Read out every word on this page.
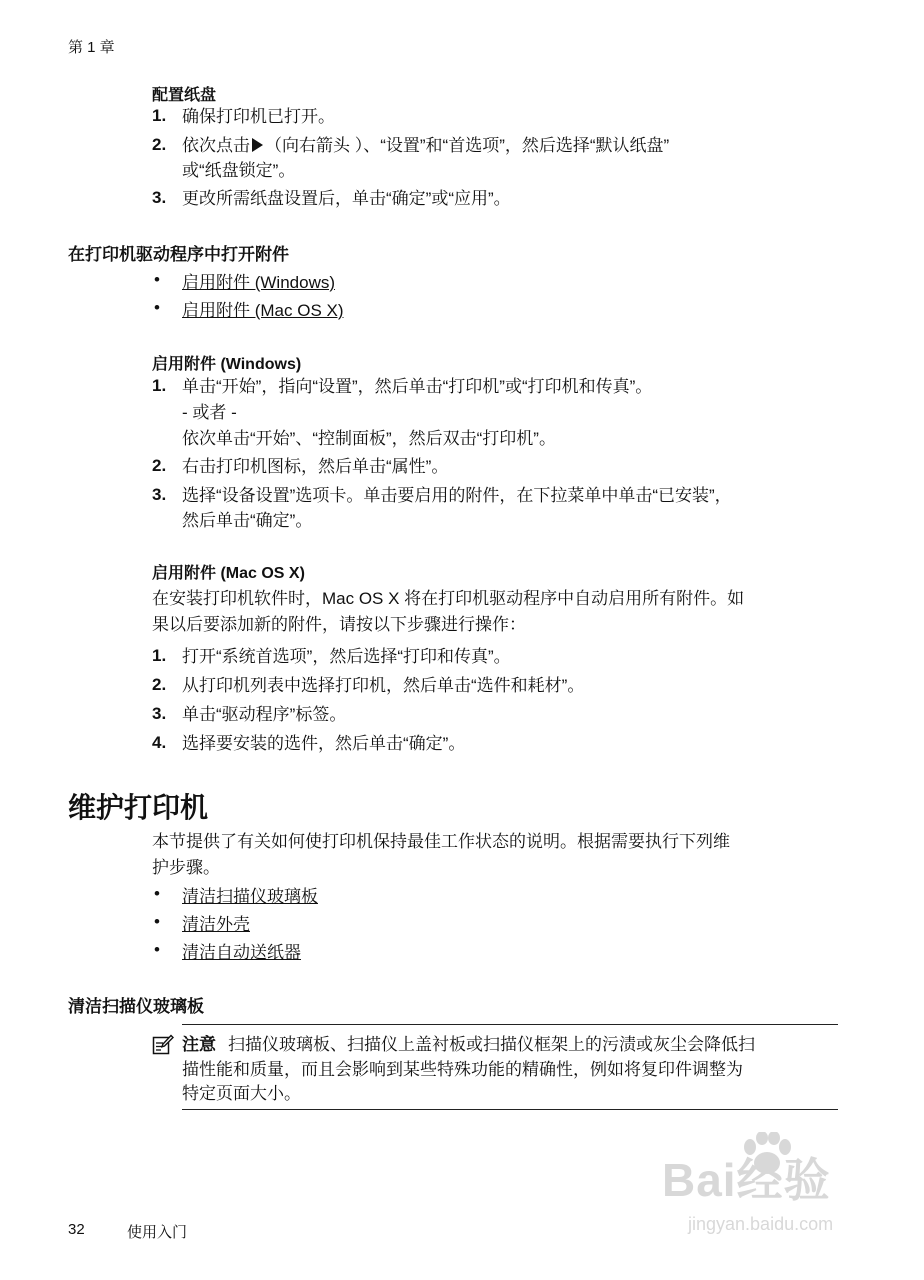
第 1 章
配置纸盘
1. 确保打印机已打开。
2. 依次点击 （向右箭头 ）、“设置”和“首选项”，然后选择“默认纸盘”
或“纸盘锁定”。
3. 更改所需纸盘设置后，单击“确定”或“应用”。
在打印机驱动程序中打开附件
• 启用附件 (Windows)
• 启用附件 (Mac OS X)
启用附件 (Windows)
1. 单击“开始”，指向“设置”，然后单击“打印机”或“打印机和传真”。
- 或者 -
依次单击“开始”、“控制面板”，然后双击“打印机”。
2. 右击打印机图标，然后单击“属性”。
3. 选择“设备设置”选项卡。单击要启用的附件，在下拉菜单中单击“已安装”，
然后单击“确定”。
启用附件 (Mac OS X)
在安装打印机软件时，Mac OS X 将在打印机驱动程序中自动启用所有附件。如
果以后要添加新的附件，请按以下步骤进行操作：
1. 打开“系统首选项”，然后选择“打印和传真”。
2. 从打印机列表中选择打印机，然后单击“选件和耗材”。
3. 单击“驱动程序”标签。
4. 选择要安装的选件，然后单击“确定”。
维护打印机
本节提供了有关如何使打印机保持最佳工作状态的说明。根据需要执行下列维
护步骤。
• 清洁扫描仪玻璃板
• 清洁外壳
• 清洁自动送纸器
清洁扫描仪玻璃板
注意 扫描仪玻璃板、扫描仪上盖衬板或扫描仪框架上的污渍或灰尘会降低扫
描性能和质量，而且会影响到某些特殊功能的精确性，例如将复印件调整为
特定页面大小。
32	使用入门
Bai经验
jingyan.baidu.com
